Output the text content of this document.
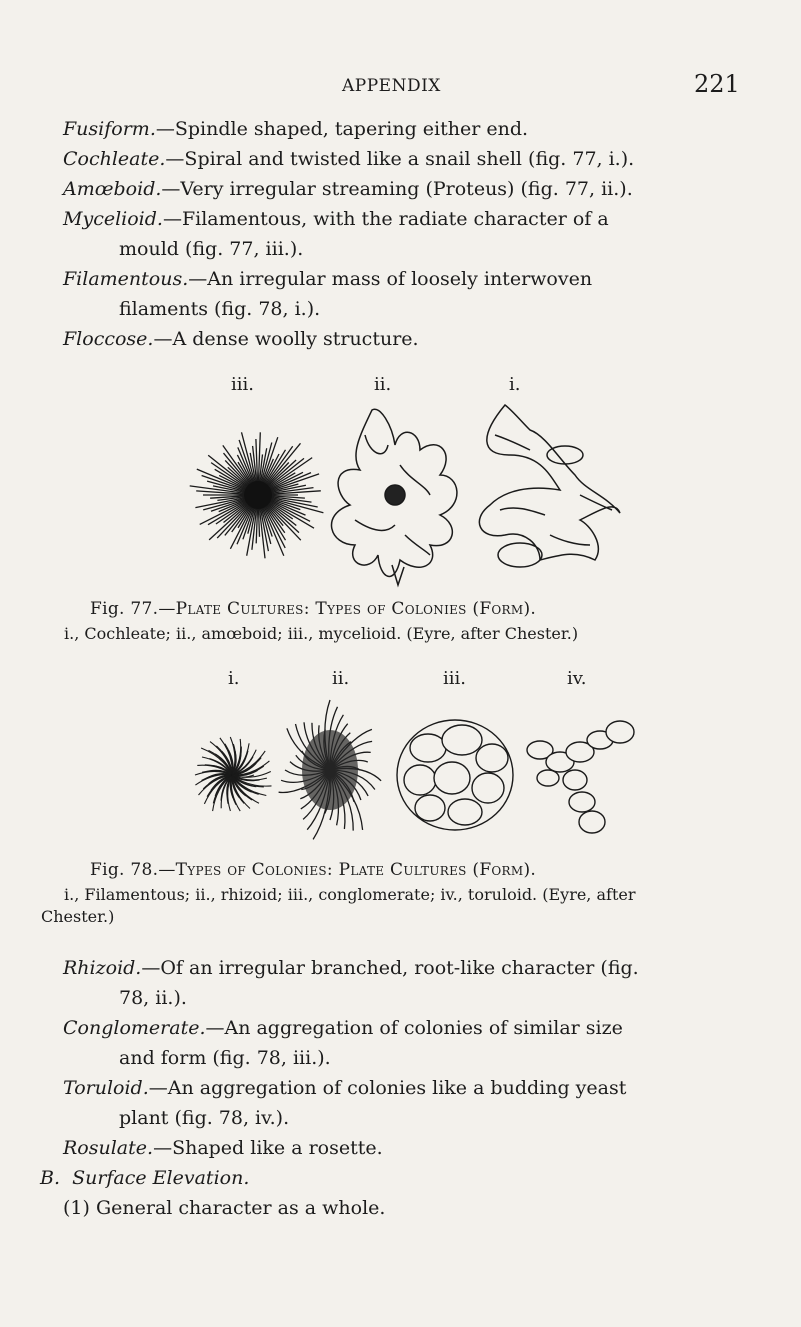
APPENDIX	221
Fusiform.—Spindle shaped, tapering either end.
Cochleate.—Spiral and twisted like a snail shell (fig. 77, i.).
Amœboid.—Very irregular streaming (Proteus) (fig. 77, ii.).
Mycelioid.—Filamentous, with the radiate character of a
mould (fig. 77, iii.).
Filamentous.—An irregular mass of loosely interwoven
filaments (fig. 78, i.).
Floccose.—A dense woolly structure.
iii.	ii.	i.
Fig. 77.—Plate Cultures: Types of Colonies (Form).
i., Cochleate; ii., amœboid; iii., mycelioid. (Eyre, after Chester.)
i.	ii.	iii.	iv.
Fig. 78.—Types of Colonies: Plate Cultures (Form).
i., Filamentous; ii., rhizoid; iii., conglomerate; iv., toruloid. (Eyre, after
Chester.)
Rhizoid.—Of an irregular branched, root-like character (fig.
78, ii.).
Conglomerate.—An aggregation of colonies of similar size
and form (fig. 78, iii.).
Toruloid.—An aggregation of colonies like a budding yeast
plant (fig. 78, iv.).
Rosulate.—Shaped like a rosette.
B. Surface Elevation.
(1) General character as a whole.
